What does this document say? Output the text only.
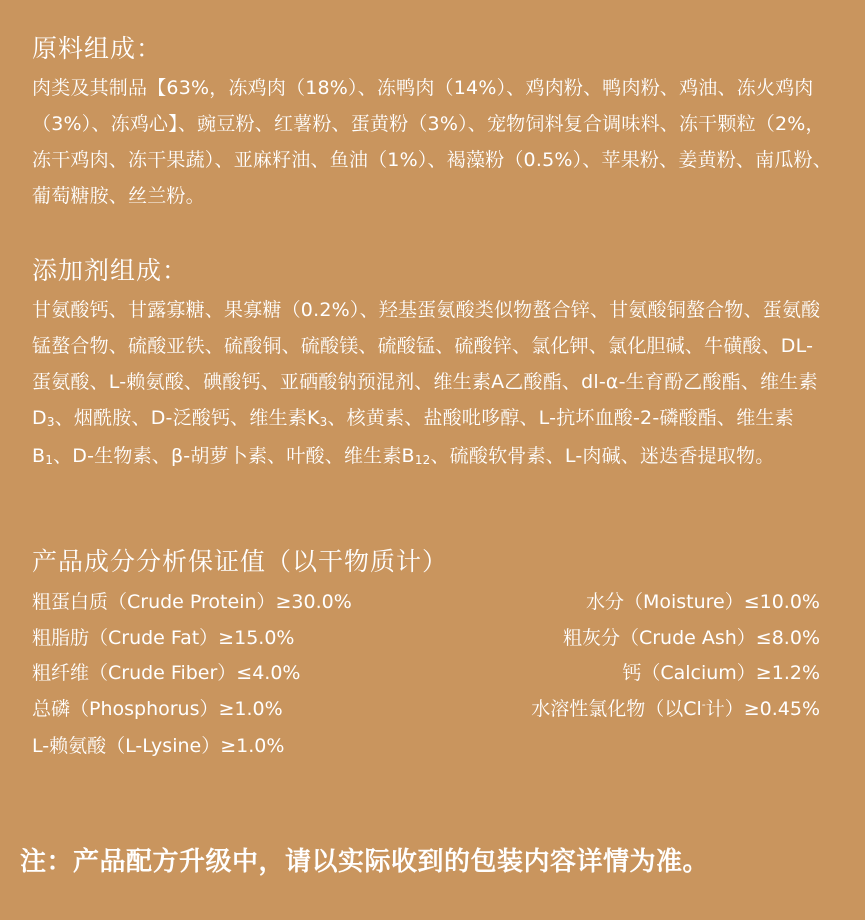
原料组成：

肉类及其制品【63%，冻鸡肉（18%）、冻鸭肉（14%）、鸡肉粉、鸭肉粉、鸡油、冻火鸡肉（3%）、冻鸡心】、豌豆粉、红薯粉、蛋黄粉（3%）、宠物饲料复合调味料、冻干颗粒（2%，冻干鸡肉、冻干果蔬）、亚麻籽油、鱼油（1%）、褐藻粉（0.5%）、苹果粉、姜黄粉、南瓜粉、葡萄糖胺、丝兰粉。

添加剂组成：

甘氨酸钙、甘露寡糖、果寡糖（0.2%）、羟基蛋氨酸类似物螯合锌、甘氨酸铜螯合物、蛋氨酸锰螯合物、硫酸亚铁、硫酸铜、硫酸镁、硫酸锰、硫酸锌、氯化钾、氯化胆碱、牛磺酸、DL-蛋氨酸、L-赖氨酸、碘酸钙、亚硒酸钠预混剂、维生素A乙酸酯、dl-α-生育酚乙酸酯、维生素D3、烟酰胺、D-泛酸钙、维生素K3、核黄素、盐酸吡哆醇、L-抗坏血酸-2-磷酸酯、维生素B1、D-生物素、β-胡萝卜素、叶酸、维生素B12、硫酸软骨素、L-肉碱、迷迭香提取物。

产品成分分析保证值（以干物质计）
粗蛋白质（Crude Protein）≥30.0%	水分（Moisture）≤10.0%
粗脂肪（Crude Fat）≥15.0%	粗灰分（Crude Ash）≤8.0%
粗纤维（Crude Fiber）≤4.0%	钙（Calcium）≥1.2%
总磷（Phosphorus）≥1.0%	水溶性氯化物（以Cl-计）≥0.45%
L-赖氨酸（L-Lysine）≥1.0%

注：产品配方升级中，请以实际收到的包装内容详情为准。
